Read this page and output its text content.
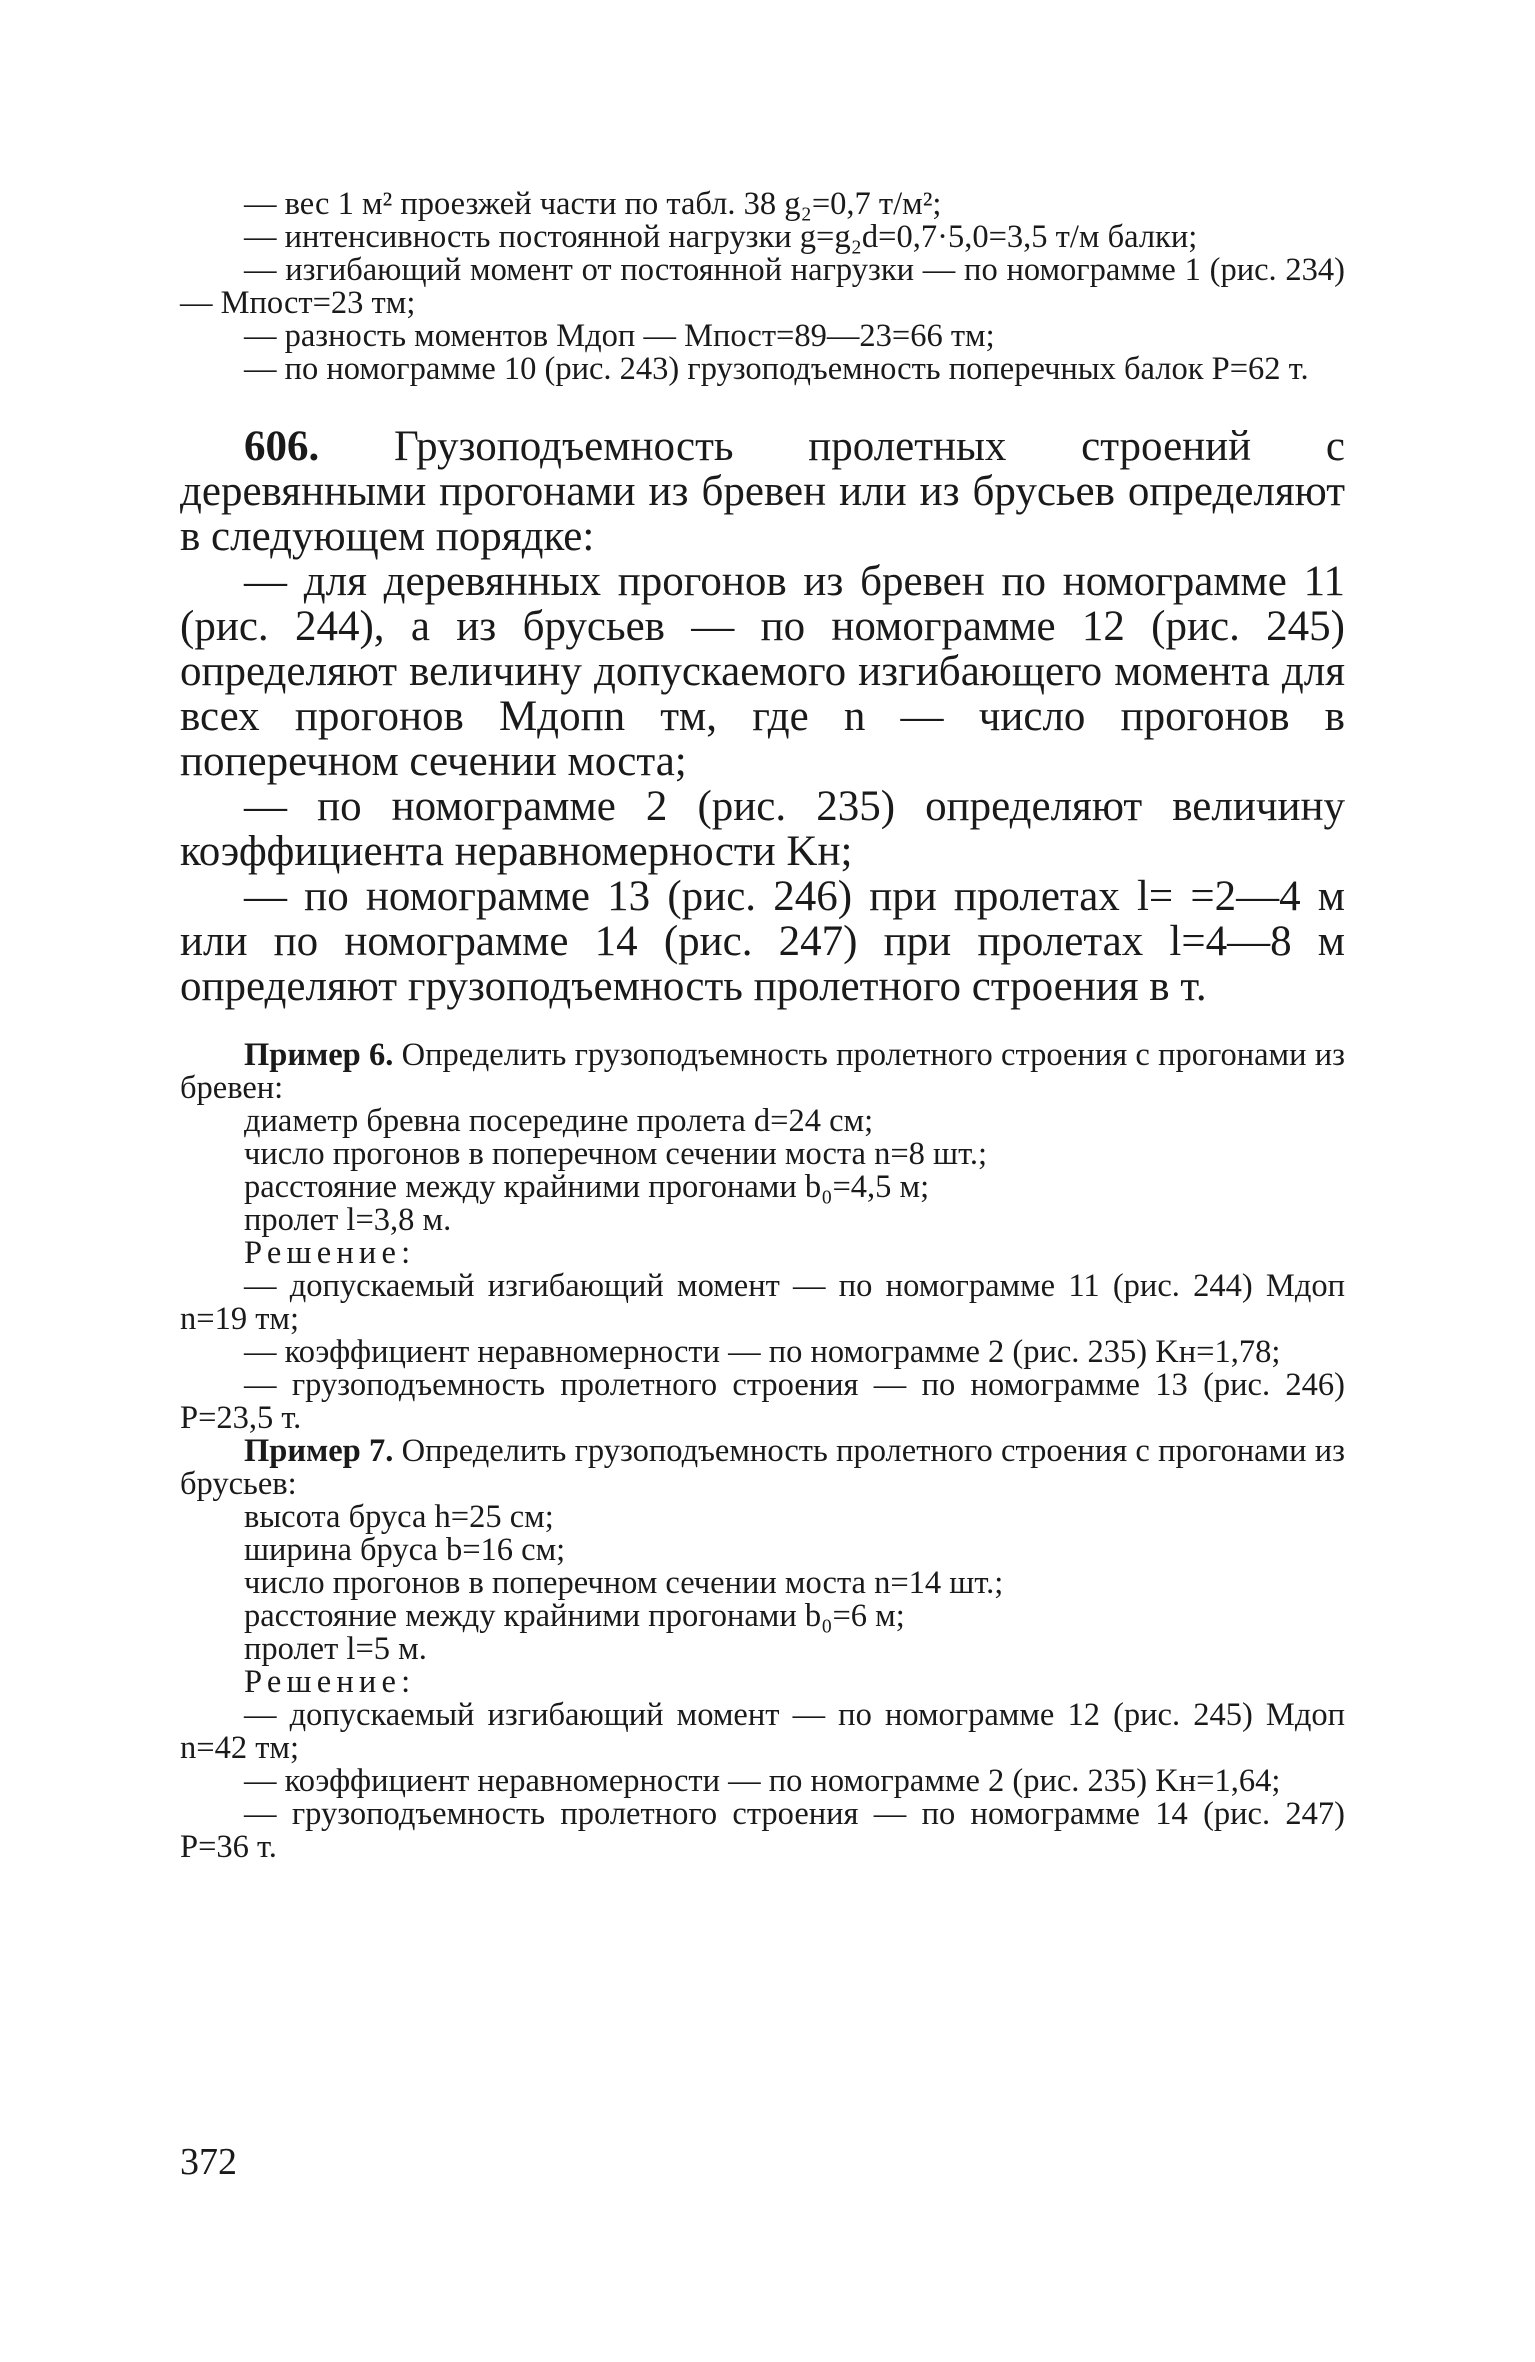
— вес 1 м² проезжей части по табл. 38 g₂=0,7 т/м²;

— интенсивность постоянной нагрузки g=g₂d=0,7·5,0=3,5 т/м балки;

— изгибающий момент от постоянной нагрузки — по номограмме 1 (рис. 234) — Mпост=23 тм;

— разность моментов Mдоп — Mпост=89—23=66 тм;

— по номограмме 10 (рис. 243) грузоподъемность поперечных балок P=62 т.

606. Грузоподъемность пролетных строений с деревянными прогонами из бревен или из брусьев определяют в следующем порядке:

— для деревянных прогонов из бревен по номограмме 11 (рис. 244), а из брусьев — по номограмме 12 (рис. 245) определяют величину допускаемого изгибающего момента для всех прогонов Mдопn тм, где n — число прогонов в поперечном сечении моста;

— по номограмме 2 (рис. 235) определяют величину коэффициента неравномерности Kн;

— по номограмме 13 (рис. 246) при пролетах l= =2—4 м или по номограмме 14 (рис. 247) при пролетах l=4—8 м определяют грузоподъемность пролетного строения в т.

Пример 6. Определить грузоподъемность пролетного строения с прогонами из бревен:

диаметр бревна посередине пролета d=24 см;

число прогонов в поперечном сечении моста n=8 шт.;

расстояние между крайними прогонами b₀=4,5 м;

пролет l=3,8 м.

Решение:

— допускаемый изгибающий момент — по номограмме 11 (рис. 244) Mдоп n=19 тм;

— коэффициент неравномерности — по номограмме 2 (рис. 235) Kн=1,78;

— грузоподъемность пролетного строения — по номограмме 13 (рис. 246) P=23,5 т.

Пример 7. Определить грузоподъемность пролетного строения с прогонами из брусьев:

высота бруса h=25 см;

ширина бруса b=16 см;

число прогонов в поперечном сечении моста n=14 шт.;

расстояние между крайними прогонами b₀=6 м;

пролет l=5 м.

Решение:

— допускаемый изгибающий момент — по номограмме 12 (рис. 245) Mдоп n=42 тм;

— коэффициент неравномерности — по номограмме 2 (рис. 235) Kн=1,64;

— грузоподъемность пролетного строения — по номограмме 14 (рис. 247) P=36 т.

372
